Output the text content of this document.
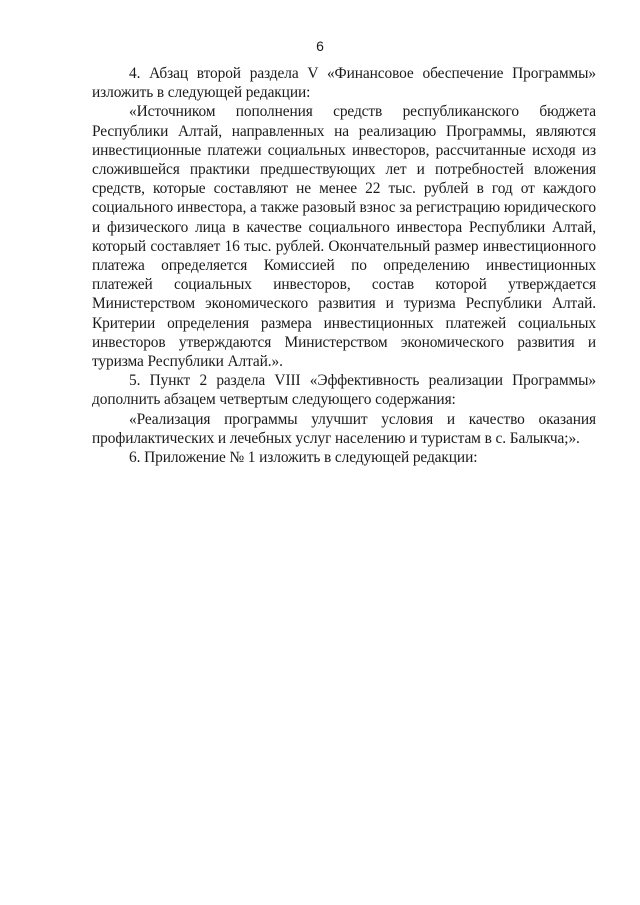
6

4. Абзац второй раздела V «Финансовое обеспечение Программы» изложить в следующей редакции:

«Источником пополнения средств республиканского бюджета Республики Алтай, направленных на реализацию Программы, являются инвестиционные платежи социальных инвесторов, рассчитанные исходя из сложившейся практики предшествующих лет и потребностей вложения средств, которые составляют не менее 22 тыс. рублей в год от каждого социального инвестора, а также разовый взнос за регистрацию юридического и физического лица в качестве социального инвестора Республики Алтай, который составляет 16 тыс. рублей. Окончательный размер инвестиционного платежа определяется Комиссией по определению инвестиционных платежей социальных инвесторов, состав которой утверждается Министерством экономического развития и туризма Республики Алтай. Критерии определения размера инвестиционных платежей социальных инвесторов утверждаются Министерством экономического развития и туризма Республики Алтай.».

5. Пункт 2 раздела VIII «Эффективность реализации Программы» дополнить абзацем четвертым следующего содержания:

«Реализация программы улучшит условия и качество оказания профилактических и лечебных услуг населению и туристам в с. Балыкча;».

6. Приложение № 1 изложить в следующей редакции:
